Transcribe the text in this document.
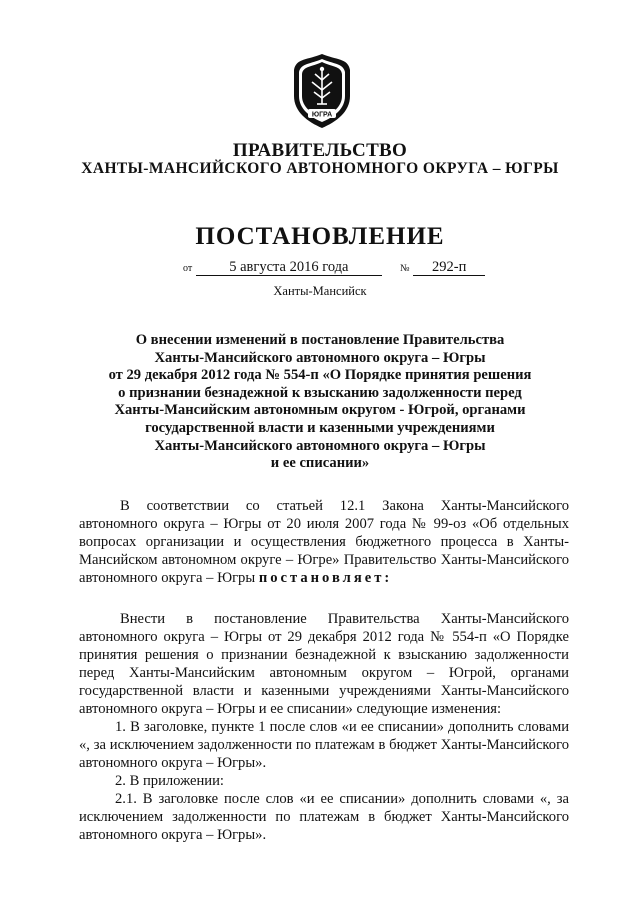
ЮГРА
ПРАВИТЕЛЬСТВО
ХАНТЫ-МАНСИЙСКОГО АВТОНОМНОГО ОКРУГА – ЮГРЫ
ПОСТАНОВЛЕНИЕ
от	5 августа 2016 года	№ 292-п
Ханты-Мансийск
О внесении изменений в постановление Правительства
Ханты-Мансийского автономного округа – Югры
от 29 декабря 2012 года № 554-п «О Порядке принятия решения
о признании безнадежной к взысканию задолженности перед
Ханты-Мансийским автономным округом - Югрой, органами
государственной власти и казенными учреждениями
Ханты-Мансийского автономного округа – Югры
и ее списании»
В соответствии со статьей 12.1 Закона Ханты-Мансийского автономного округа – Югры от 20 июля 2007 года № 99-оз «Об отдельных вопросах организации и осуществления бюджетного процесса в Ханты-Мансийском автономном округе – Югре» Правительство Ханты-Мансийского автономного округа – Югры постановляет:
Внести в постановление Правительства Ханты-Мансийского автономного округа – Югры от 29 декабря 2012 года № 554-п «О Порядке принятия решения о признании безнадежной к взысканию задолженности перед Ханты-Мансийским автономным округом – Югрой, органами государственной власти и казенными учреждениями Ханты-Мансийского автономного округа – Югры и ее списании» следующие изменения:
1. В заголовке, пункте 1 после слов «и ее списании» дополнить словами «, за исключением задолженности по платежам в бюджет Ханты-Мансийского автономного округа – Югры».
2. В приложении:
2.1. В заголовке после слов «и ее списании» дополнить словами «, за исключением задолженности по платежам в бюджет Ханты-Мансийского автономного округа – Югры».
